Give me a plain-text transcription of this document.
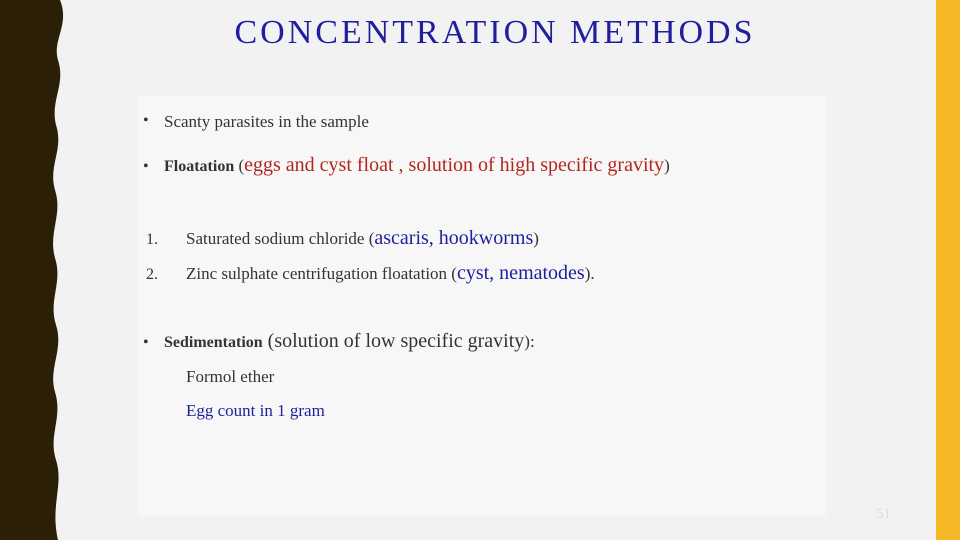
CONCENTRATION METHODS
• Scanty parasites in the sample
• Floatation (eggs and cyst float , solution of high specific gravity)
1. Saturated sodium chloride (ascaris, hookworms)
2. Zinc sulphate centrifugation floatation (cyst, nematodes).
• Sedimentation (solution of low specific gravity):
Formol ether
Egg count in 1 gram
51
